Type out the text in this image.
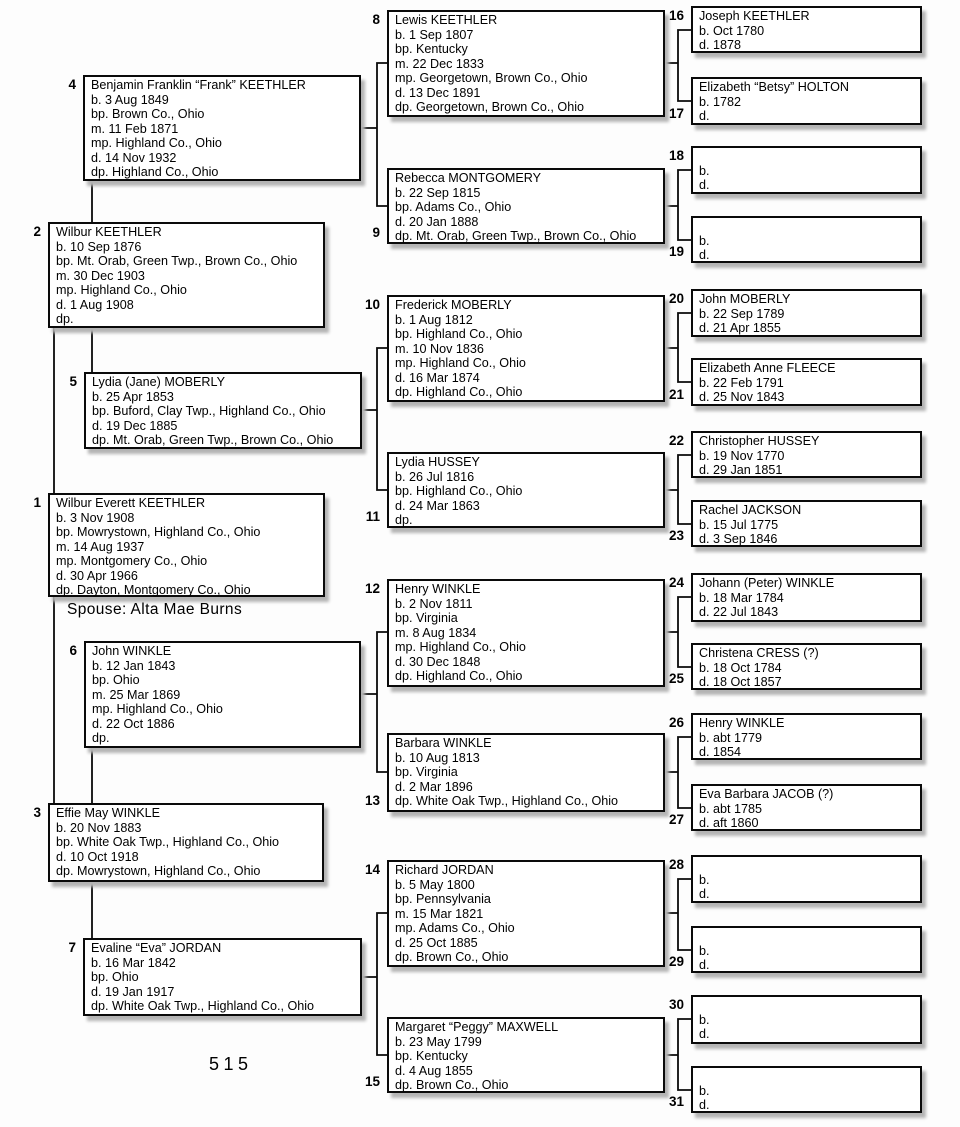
1 Wilbur Everett KEETHLER
b. 3 Nov 1908
bp. Mowrystown, Highland Co., Ohio
m. 14 Aug 1937
mp. Montgomery Co., Ohio
d. 30 Apr 1966
dp. Dayton, Montgomery Co., Ohio
2 Wilbur KEETHLER
b. 10 Sep 1876
bp. Mt. Orab, Green Twp., Brown Co., Ohio
m. 30 Dec 1903
mp. Highland Co., Ohio
d. 1 Aug 1908
dp.
3 Effie May WINKLE
b. 20 Nov 1883
bp. White Oak Twp., Highland Co., Ohio
d. 10 Oct 1918
dp. Mowrystown, Highland Co., Ohio
4 Benjamin Franklin “Frank” KEETHLER
b. 3 Aug 1849
bp. Brown Co., Ohio
m. 11 Feb 1871
mp. Highland Co., Ohio
d. 14 Nov 1932
dp. Highland Co., Ohio
5 Lydia (Jane) MOBERLY
b. 25 Apr 1853
bp. Buford, Clay Twp., Highland Co., Ohio
d. 19 Dec 1885
dp. Mt. Orab, Green Twp., Brown Co., Ohio
6 John WINKLE
b. 12 Jan 1843
bp. Ohio
m. 25 Mar 1869
mp. Highland Co., Ohio
d. 22 Oct 1886
dp.
7 Evaline “Eva” JORDAN
b. 16 Mar 1842
bp. Ohio
d. 19 Jan 1917
dp. White Oak Twp., Highland Co., Ohio
8 Lewis KEETHLER
b. 1 Sep 1807
bp. Kentucky
m. 22 Dec 1833
mp. Georgetown, Brown Co., Ohio
d. 13 Dec 1891
dp. Georgetown, Brown Co., Ohio
9
Rebecca MONTGOMERY
b. 22 Sep 1815
bp. Adams Co., Ohio
d. 20 Jan 1888
dp. Mt. Orab, Green Twp., Brown Co., Ohio
10 Frederick MOBERLY
b. 1 Aug 1812
bp. Highland Co., Ohio
m. 10 Nov 1836
mp. Highland Co., Ohio
d. 16 Mar 1874
dp. Highland Co., Ohio
11
Lydia HUSSEY
b. 26 Jul 1816
bp. Highland Co., Ohio
d. 24 Mar 1863
dp.
12 Henry WINKLE
b. 2 Nov 1811
bp. Virginia
m. 8 Aug 1834
mp. Highland Co., Ohio
d. 30 Dec 1848
dp. Highland Co., Ohio
13
Barbara WINKLE
b. 10 Aug 1813
bp. Virginia
d. 2 Mar 1896
dp. White Oak Twp., Highland Co., Ohio
14 Richard JORDAN
b. 5 May 1800
bp. Pennsylvania
m. 15 Mar 1821
mp. Adams Co., Ohio
d. 25 Oct 1885
dp. Brown Co., Ohio
15
Margaret “Peggy” MAXWELL
b. 23 May 1799
bp. Kentucky
d. 4 Aug 1855
dp. Brown Co., Ohio
16 Joseph KEETHLER
b. Oct 1780
d. 1878
17
Elizabeth “Betsy” HOLTON
b. 1782
d.
18
b.
d.
19
b.
d.
20 John MOBERLY
b. 22 Sep 1789
d. 21 Apr 1855
21
Elizabeth Anne FLEECE
b. 22 Feb 1791
d. 25 Nov 1843
22 Christopher HUSSEY
b. 19 Nov 1770
d. 29 Jan 1851
23
Rachel JACKSON
b. 15 Jul 1775
d. 3 Sep 1846
24 Johann (Peter) WINKLE
b. 18 Mar 1784
d. 22 Jul 1843
25
Christena CRESS (?)
b. 18 Oct 1784
d. 18 Oct 1857
26 Henry WINKLE
b. abt 1779
d. 1854
27
Eva Barbara JACOB (?)
b. abt 1785
d. aft 1860
28
b.
d.
29
b.
d.
30
b.
d.
31
b.
d.
Spouse: Alta Mae Burns
515
